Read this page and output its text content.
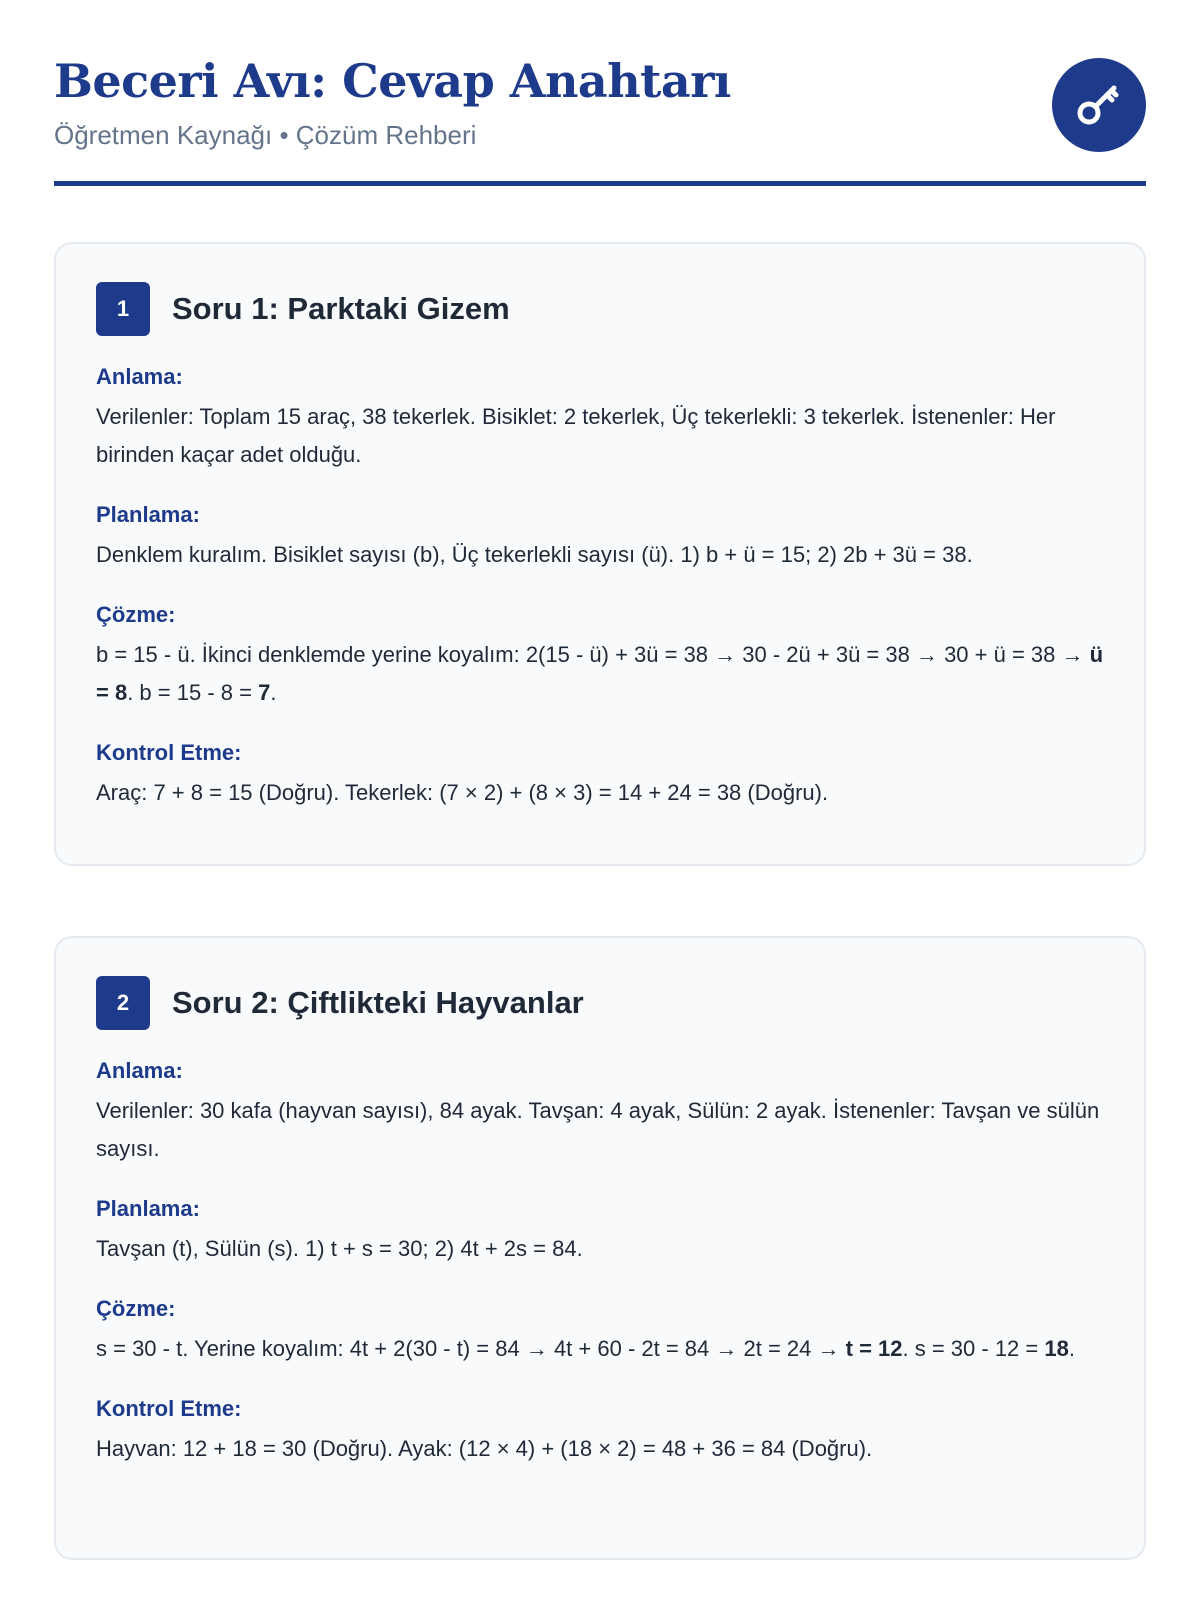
Beceri Avı: Cevap Anahtarı
Öğretmen Kaynağı • Çözüm Rehberi
1	Soru 1: Parktaki Gizem
Anlama:
Verilenler: Toplam 15 araç, 38 tekerlek. Bisiklet: 2 tekerlek, Üç tekerlekli: 3 tekerlek. İstenenler: Her birinden kaçar adet olduğu.
Planlama:
Denklem kuralım. Bisiklet sayısı (b), Üç tekerlekli sayısı (ü). 1) b + ü = 15; 2) 2b + 3ü = 38.
Çözme:
b = 15 - ü. İkinci denklemde yerine koyalım: 2(15 - ü) + 3ü = 38 → 30 - 2ü + 3ü = 38 → 30 + ü = 38 → ü = 8. b = 15 - 8 = 7.
Kontrol Etme:
Araç: 7 + 8 = 15 (Doğru). Tekerlek: (7 × 2) + (8 × 3) = 14 + 24 = 38 (Doğru).
2	Soru 2: Çiftlikteki Hayvanlar
Anlama:
Verilenler: 30 kafa (hayvan sayısı), 84 ayak. Tavşan: 4 ayak, Sülün: 2 ayak. İstenenler: Tavşan ve sülün sayısı.
Planlama:
Tavşan (t), Sülün (s). 1) t + s = 30; 2) 4t + 2s = 84.
Çözme:
s = 30 - t. Yerine koyalım: 4t + 2(30 - t) = 84 → 4t + 60 - 2t = 84 → 2t = 24 → t = 12. s = 30 - 12 = 18.
Kontrol Etme:
Hayvan: 12 + 18 = 30 (Doğru). Ayak: (12 × 4) + (18 × 2) = 48 + 36 = 84 (Doğru).
